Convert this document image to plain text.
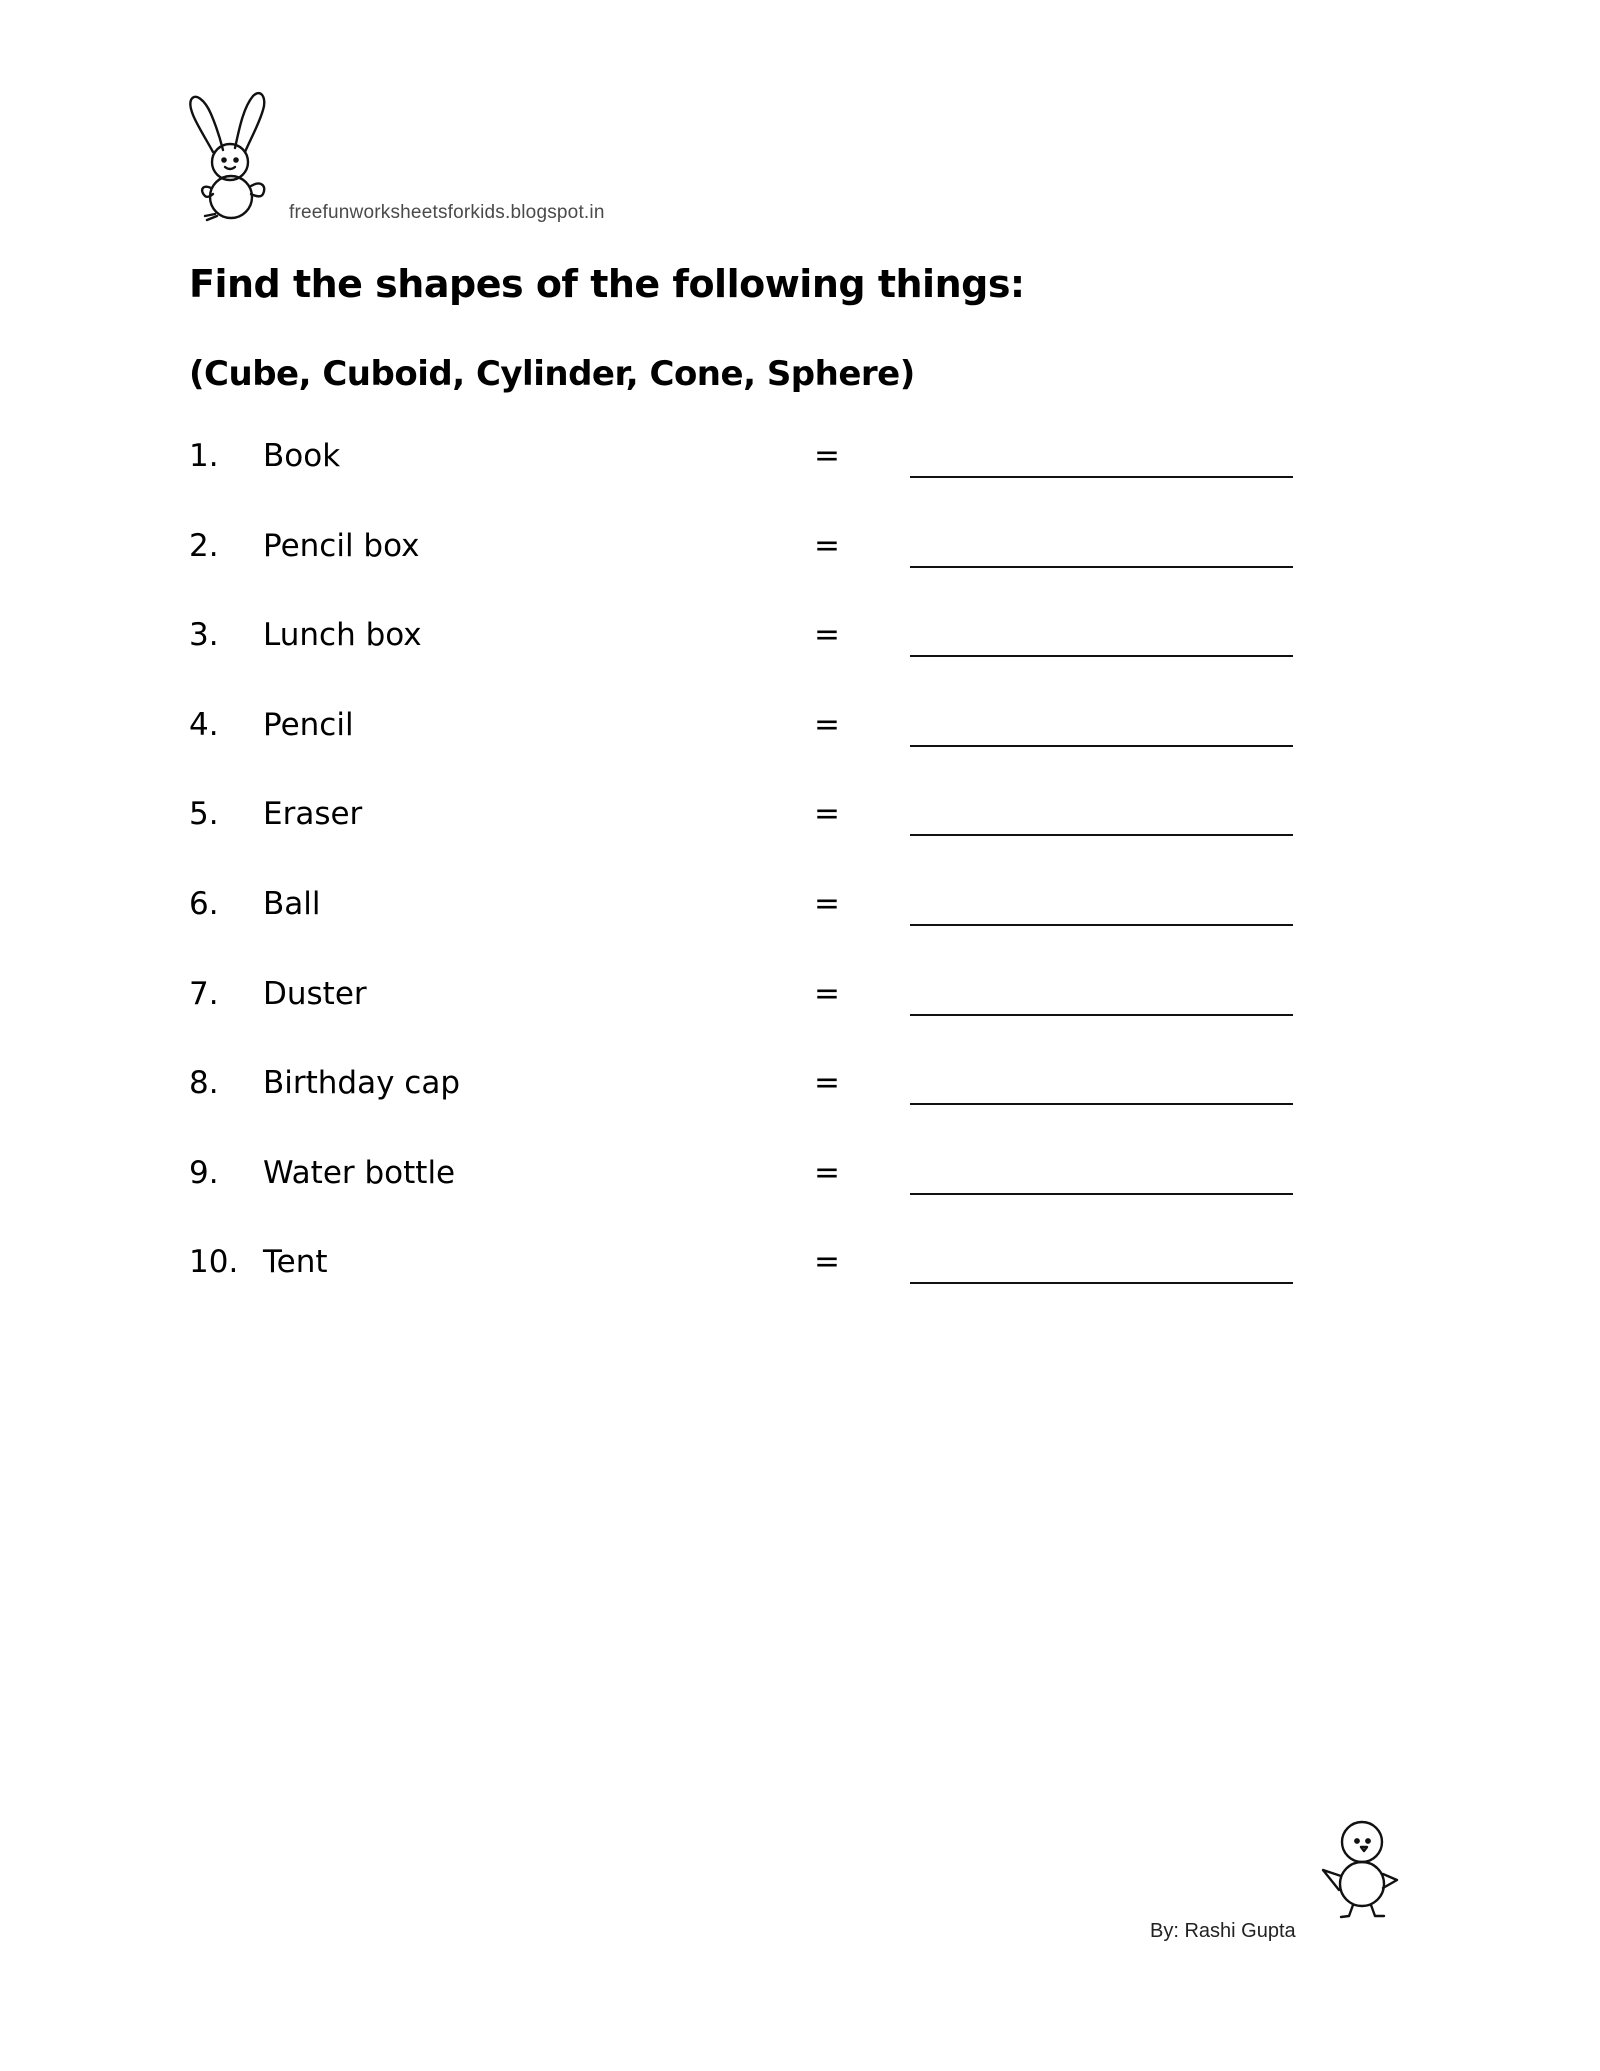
freefunworksheetsforkids.blogspot.in
Find the shapes of the following things:
(Cube, Cuboid, Cylinder, Cone, Sphere)
1. Book	=
2. Pencil box	=
3. Lunch box	=
4. Pencil	=
5. Eraser	=
6. Ball	=
7. Duster	=
8. Birthday cap	=
9. Water bottle	=
10. Tent	=
By: Rashi Gupta
